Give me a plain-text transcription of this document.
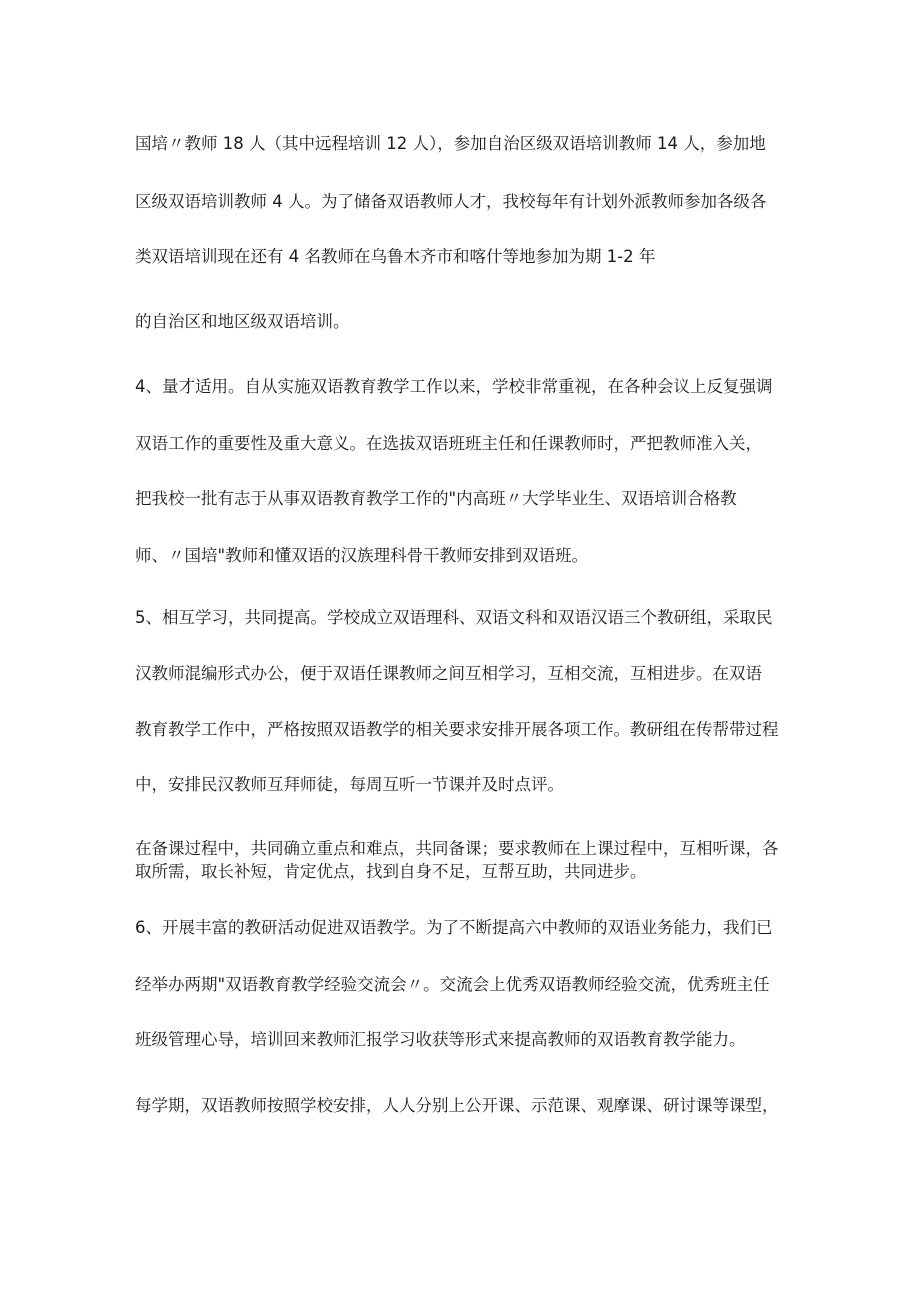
国培〃教师 18 人（其中远程培训 12 人），参加自治区级双语培训教师 14 人，参加地
区级双语培训教师 4 人。为了储备双语教师人才，我校每年有计划外派教师参加各级各
类双语培训现在还有 4 名教师在乌鲁木齐市和喀什等地参加为期 1-2 年
的自治区和地区级双语培训。
4、量才适用。自从实施双语教育教学工作以来，学校非常重视，在各种会议上反复强调
双语工作的重要性及重大意义。在选拔双语班班主任和任课教师时，严把教师准入关，
把我校一批有志于从事双语教育教学工作的"内高班〃大学毕业生、双语培训合格教
师、〃国培"教师和懂双语的汉族理科骨干教师安排到双语班。
5、相互学习，共同提高。学校成立双语理科、双语文科和双语汉语三个教研组，采取民
汉教师混编形式办公，便于双语任课教师之间互相学习，互相交流，互相进步。在双语
教育教学工作中，严格按照双语教学的相关要求安排开展各项工作。教研组在传帮带过程
中，安排民汉教师互拜师徒，每周互听一节课并及时点评。
在备课过程中，共同确立重点和难点，共同备课；要求教师在上课过程中，互相听课，各
取所需，取长补短，肯定优点，找到自身不足，互帮互助，共同进步。
6、开展丰富的教研活动促进双语教学。为了不断提高六中教师的双语业务能力，我们已
经举办两期"双语教育教学经验交流会〃。交流会上优秀双语教师经验交流，优秀班主任
班级管理心导，培训回来教师汇报学习收获等形式来提高教师的双语教育教学能力。
每学期，双语教师按照学校安排，人人分别上公开课、示范课、观摩课、研讨课等课型，
